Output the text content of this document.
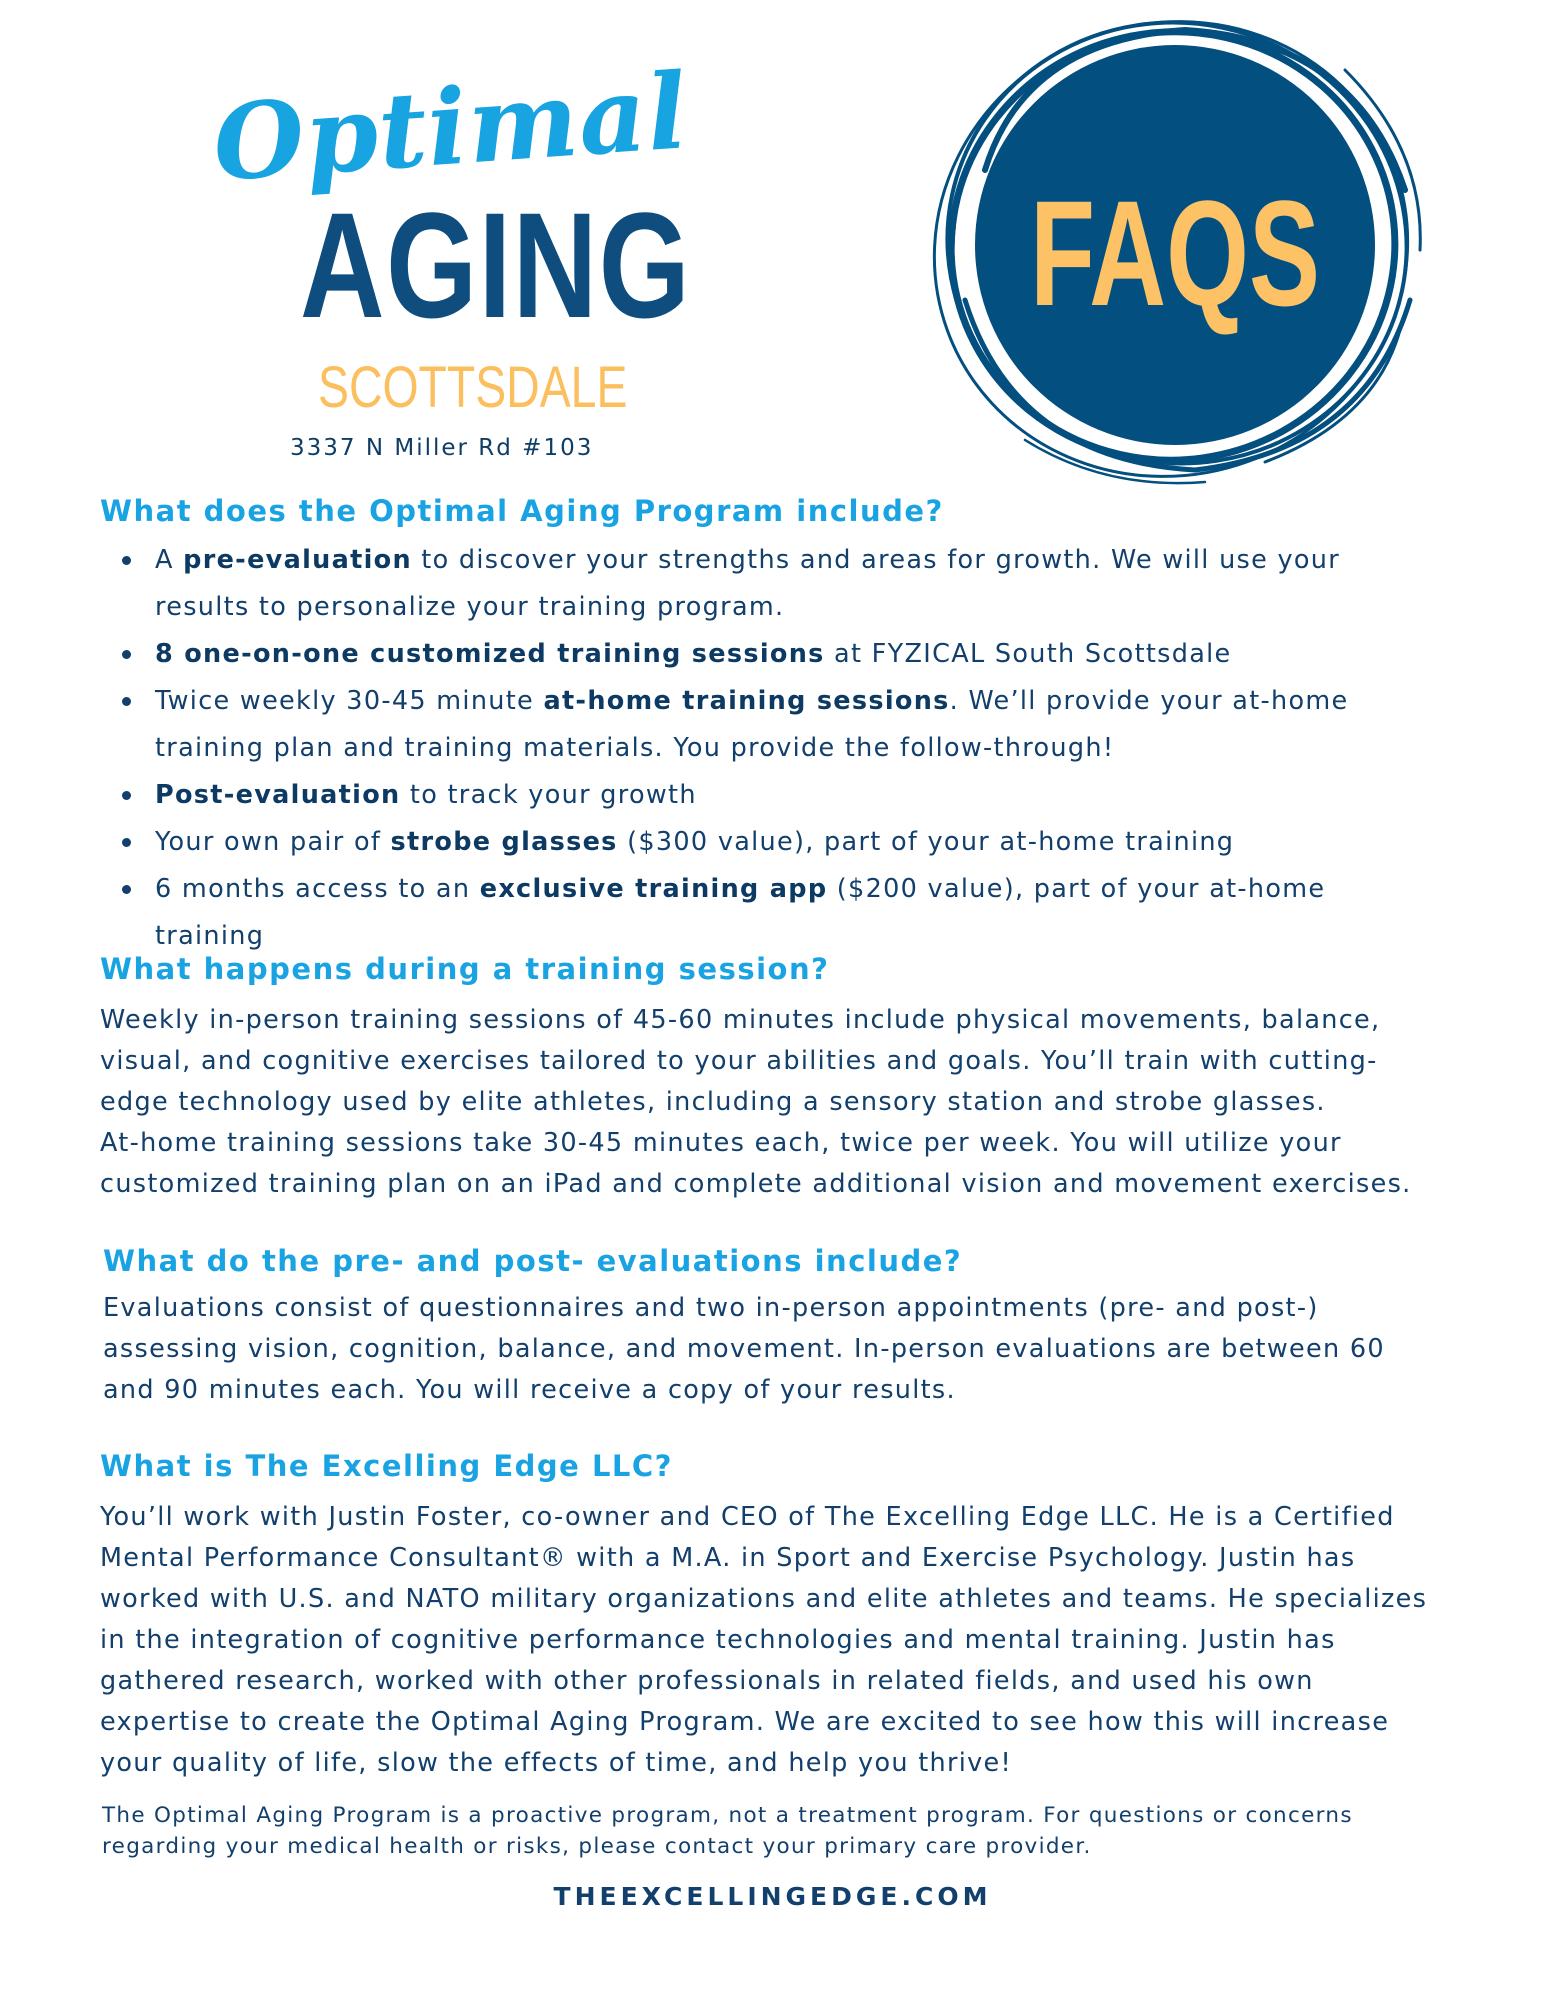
Optimal
AGING
SCOTTSDALE
3337 N Miller Rd #103
FAQS
What does the Optimal Aging Program include?
A pre-evaluation to discover your strengths and areas for growth. We will use your results to personalize your training program.
8 one-on-one customized training sessions at FYZICAL South Scottsdale
Twice weekly 30-45 minute at-home training sessions. We’ll provide your at-home training plan and training materials. You provide the follow-through!
Post-evaluation to track your growth
Your own pair of strobe glasses ($300 value), part of your at-home training
6 months access to an exclusive training app ($200 value), part of your at-home training
What happens during a training session?

Weekly in-person training sessions of 45-60 minutes include physical movements, balance, visual, and cognitive exercises tailored to your abilities and goals. You’ll train with cutting-edge technology used by elite athletes, including a sensory station and strobe glasses.

At-home training sessions take 30-45 minutes each, twice per week. You will utilize your customized training plan on an iPad and complete additional vision and movement exercises.

What do the pre- and post- evaluations include?

Evaluations consist of questionnaires and two in-person appointments (pre- and post-) assessing vision, cognition, balance, and movement. In-person evaluations are between 60 and 90 minutes each. You will receive a copy of your results.

What is The Excelling Edge LLC?

You’ll work with Justin Foster, co-owner and CEO of The Excelling Edge LLC. He is a Certified Mental Performance Consultant® with a M.A. in Sport and Exercise Psychology. Justin has worked with U.S. and NATO military organizations and elite athletes and teams. He specializes in the integration of cognitive performance technologies and mental training. Justin has gathered research, worked with other professionals in related fields, and used his own expertise to create the Optimal Aging Program. We are excited to see how this will increase your quality of life, slow the effects of time, and help you thrive!

The Optimal Aging Program is a proactive program, not a treatment program. For questions or concerns regarding your medical health or risks, please contact your primary care provider.

THEEXCELLINGEDGE.COM
